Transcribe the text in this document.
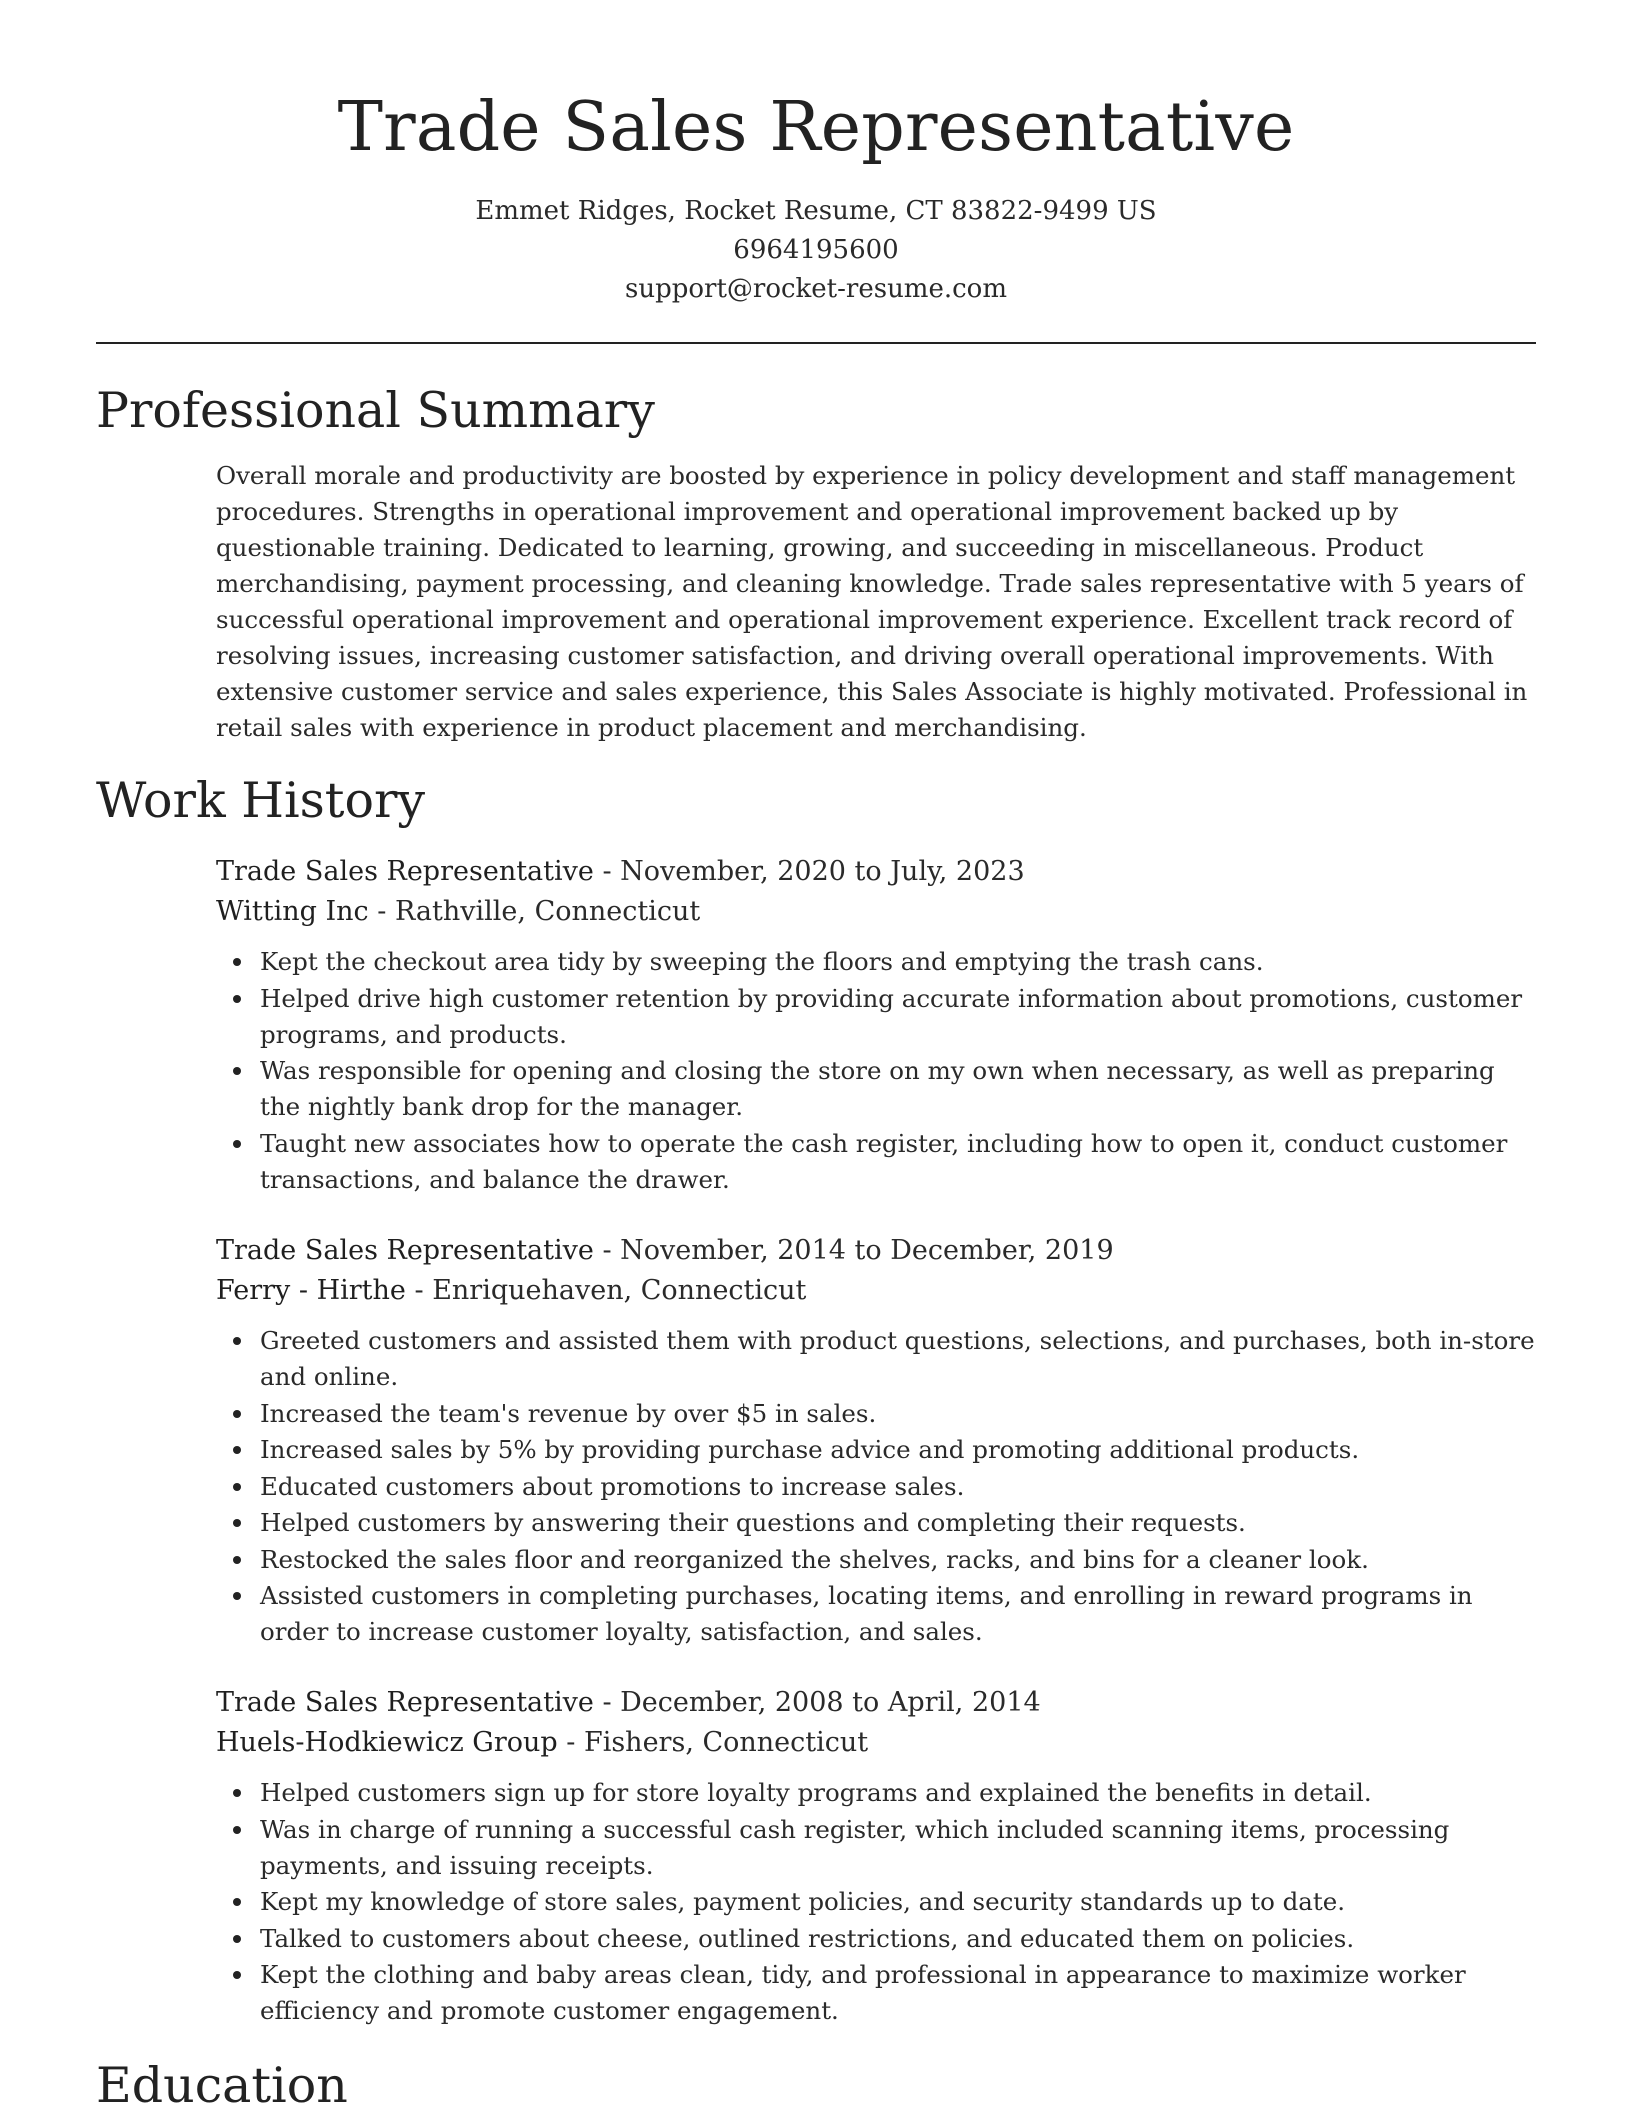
Trade Sales Representative
Emmet Ridges, Rocket Resume, CT 83822-9499 US
6964195600
support@rocket-resume.com
Professional Summary

Overall morale and productivity are boosted by experience in policy development and staff management procedures. Strengths in operational improvement and operational improvement backed up by questionable training. Dedicated to learning, growing, and succeeding in miscellaneous. Product merchandising, payment processing, and cleaning knowledge. Trade sales representative with 5 years of successful operational improvement and operational improvement experience. Excellent track record of resolving issues, increasing customer satisfaction, and driving overall operational improvements. With extensive customer service and sales experience, this Sales Associate is highly motivated. Professional in retail sales with experience in product placement and merchandising.

Work History
Trade Sales Representative - November, 2020 to July, 2023
Witting Inc - Rathville, Connecticut
Kept the checkout area tidy by sweeping the floors and emptying the trash cans.
Helped drive high customer retention by providing accurate information about promotions, customer programs, and products.
Was responsible for opening and closing the store on my own when necessary, as well as preparing the nightly bank drop for the manager.
Taught new associates how to operate the cash register, including how to open it, conduct customer transactions, and balance the drawer.
Trade Sales Representative - November, 2014 to December, 2019
Ferry - Hirthe - Enriquehaven, Connecticut
Greeted customers and assisted them with product questions, selections, and purchases, both in-store and online.
Increased the team's revenue by over $5 in sales.
Increased sales by 5% by providing purchase advice and promoting additional products.
Educated customers about promotions to increase sales.
Helped customers by answering their questions and completing their requests.
Restocked the sales floor and reorganized the shelves, racks, and bins for a cleaner look.
Assisted customers in completing purchases, locating items, and enrolling in reward programs in order to increase customer loyalty, satisfaction, and sales.
Trade Sales Representative - December, 2008 to April, 2014
Huels-Hodkiewicz Group - Fishers, Connecticut
Helped customers sign up for store loyalty programs and explained the benefits in detail.
Was in charge of running a successful cash register, which included scanning items, processing payments, and issuing receipts.
Kept my knowledge of store sales, payment policies, and security standards up to date.
Talked to customers about cheese, outlined restrictions, and educated them on policies.
Kept the clothing and baby areas clean, tidy, and professional in appearance to maximize worker efficiency and promote customer engagement.
Education
